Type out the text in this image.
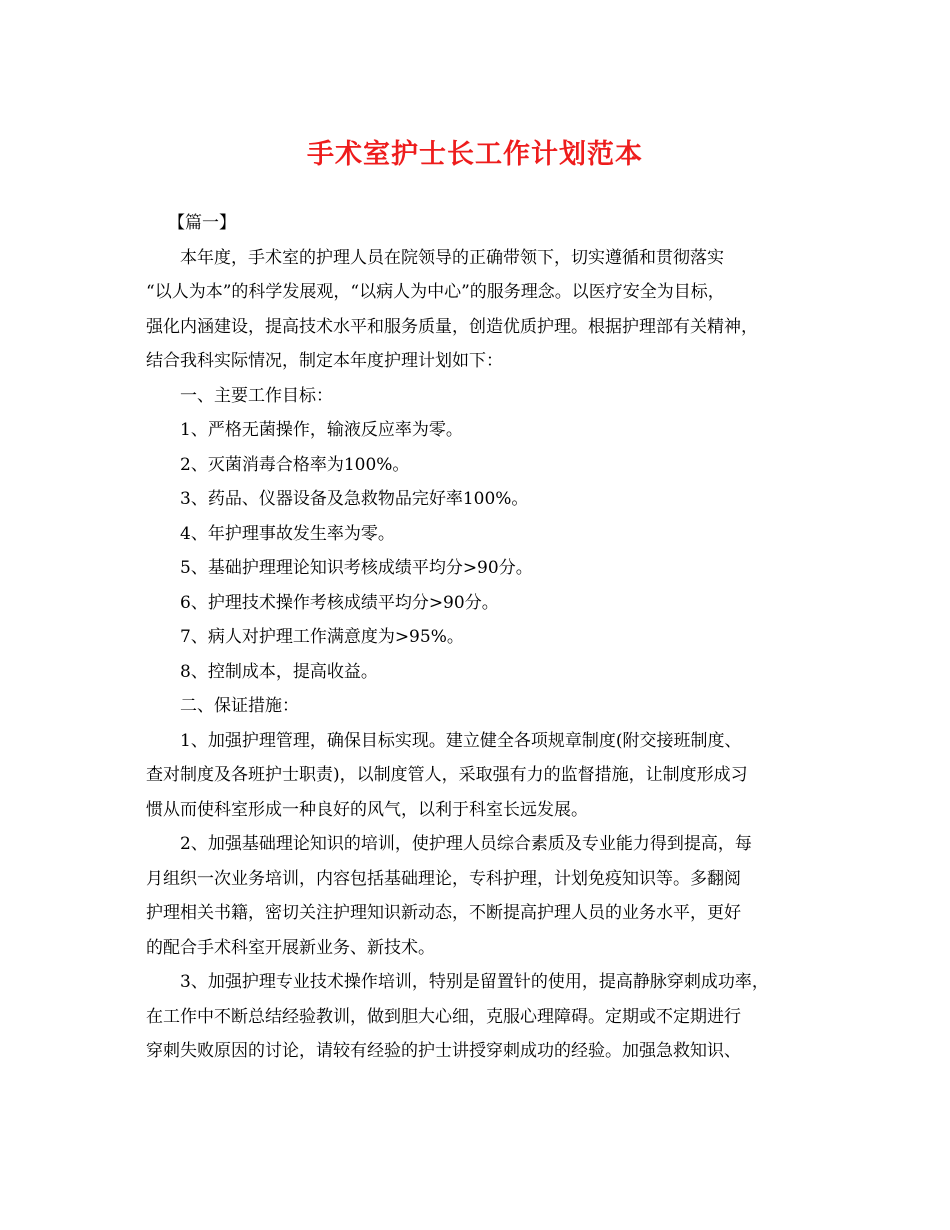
手术室护士长工作计划范本
【篇一】
本年度，手术室的护理人员在院领导的正确带领下，切实遵循和贯彻落实
“以人为本”的科学发展观，“以病人为中心”的服务理念。以医疗安全为目标，
强化内涵建设，提高技术水平和服务质量，创造优质护理。根据护理部有关精神，
结合我科实际情况，制定本年度护理计划如下：
一、主要工作目标：
1、严格无菌操作，输液反应率为零。
2、灭菌消毒合格率为100%。
3、药品、仪器设备及急救物品完好率100%。
4、年护理事故发生率为零。
5、基础护理理论知识考核成绩平均分>90分。
6、护理技术操作考核成绩平均分>90分。
7、病人对护理工作满意度为>95%。
8、控制成本，提高收益。
二、保证措施：
1、加强护理管理，确保目标实现。建立健全各项规章制度(附交接班制度、
查对制度及各班护士职责)，以制度管人，采取强有力的监督措施，让制度形成习
惯从而使科室形成一种良好的风气，以利于科室长远发展。
2、加强基础理论知识的培训，使护理人员综合素质及专业能力得到提高，每
月组织一次业务培训，内容包括基础理论，专科护理，计划免疫知识等。多翻阅
护理相关书籍，密切关注护理知识新动态，不断提高护理人员的业务水平，更好
的配合手术科室开展新业务、新技术。
3、加强护理专业技术操作培训，特别是留置针的使用，提高静脉穿刺成功率，
在工作中不断总结经验教训，做到胆大心细，克服心理障碍。定期或不定期进行
穿刺失败原因的讨论，请较有经验的护士讲授穿刺成功的经验。加强急救知识、
